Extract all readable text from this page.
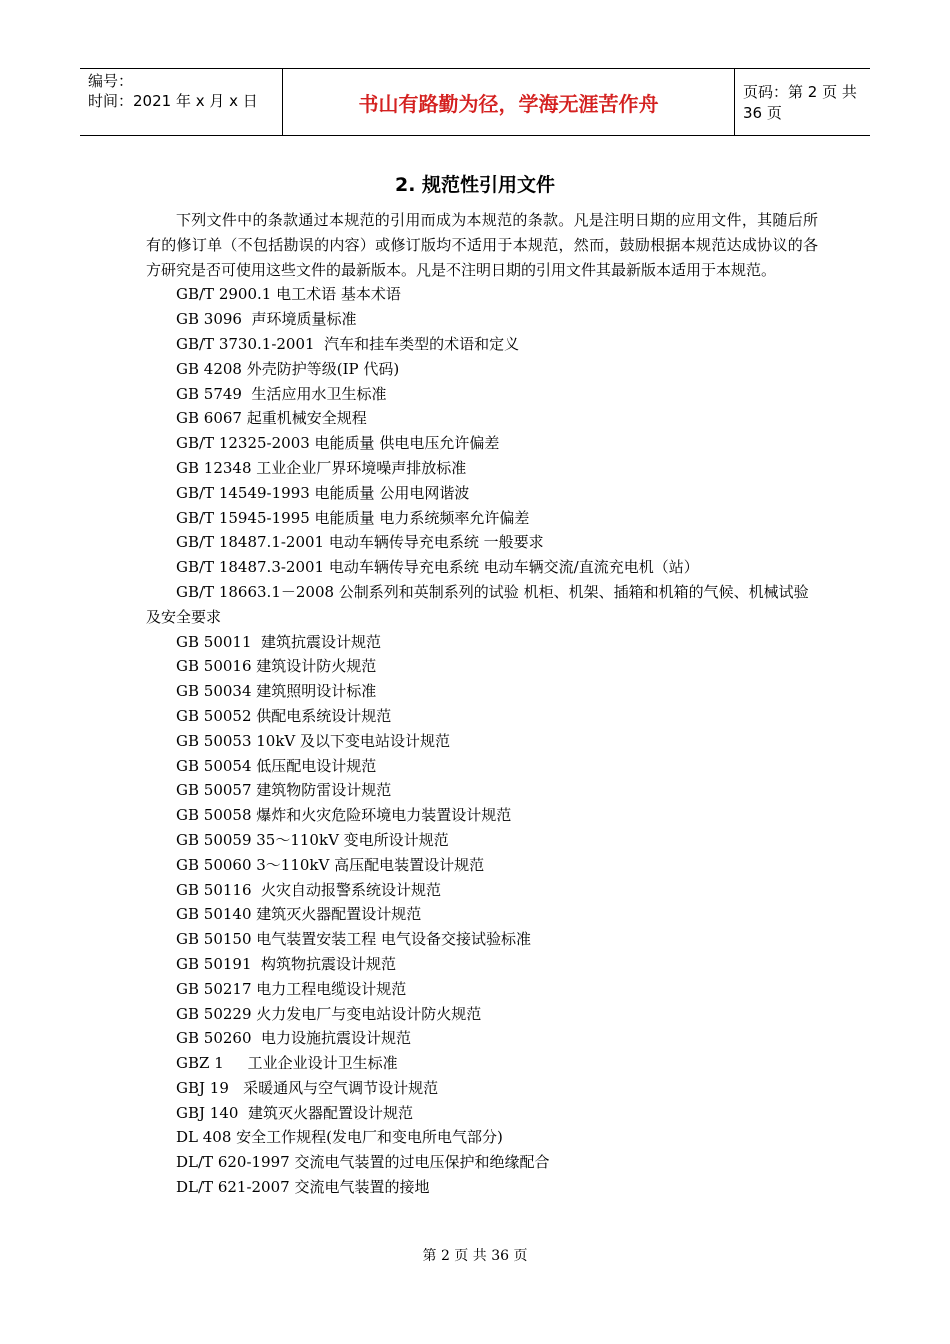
编号：
时间：2021 年 x 月 x 日	书山有路勤为径，学海无涯苦作舟	页码：第 2 页 共 36 页
2. 规范性引用文件

下列文件中的条款通过本规范的引用而成为本规范的条款。凡是注明日期的应用文件，其随后所有的修订单（不包括勘误的内容）或修订版均不适用于本规范，然而，鼓励根据本规范达成协议的各方研究是否可使用这些文件的最新版本。凡是不注明日期的引用文件其最新版本适用于本规范。

GB/T 2900.1 电工术语 基本术语
GB 3096  声环境质量标准
GB/T 3730.1-2001  汽车和挂车类型的术语和定义
GB 4208 外壳防护等级(IP 代码)
GB 5749  生活应用水卫生标准
GB 6067 起重机械安全规程
GB/T 12325-2003 电能质量 供电电压允许偏差
GB 12348 工业企业厂界环境噪声排放标准
GB/T 14549-1993 电能质量 公用电网谐波
GB/T 15945-1995 电能质量 电力系统频率允许偏差
GB/T 18487.1-2001 电动车辆传导充电系统 一般要求
GB/T 18487.3-2001 电动车辆传导充电系统 电动车辆交流/直流充电机（站）
GB/T 18663.1－2008 公制系列和英制系列的试验 机柜、机架、插箱和机箱的气候、机械试验及安全要求
GB 50011  建筑抗震设计规范
GB 50016 建筑设计防火规范
GB 50034 建筑照明设计标准
GB 50052 供配电系统设计规范
GB 50053 10kV 及以下变电站设计规范
GB 50054 低压配电设计规范
GB 50057 建筑物防雷设计规范
GB 50058 爆炸和火灾危险环境电力装置设计规范
GB 50059 35～110kV 变电所设计规范
GB 50060 3～110kV 高压配电装置设计规范
GB 50116  火灾自动报警系统设计规范
GB 50140 建筑灭火器配置设计规范
GB 50150 电气装置安装工程 电气设备交接试验标准
GB 50191  构筑物抗震设计规范
GB 50217 电力工程电缆设计规范
GB 50229 火力发电厂与变电站设计防火规范
GB 50260  电力设施抗震设计规范
GBZ 1     工业企业设计卫生标准
GBJ 19   采暖通风与空气调节设计规范
GBJ 140  建筑灭火器配置设计规范
DL 408 安全工作规程(发电厂和变电所电气部分)
DL/T 620-1997 交流电气装置的过电压保护和绝缘配合
DL/T 621-2007 交流电气装置的接地
第 2 页 共 36 页
